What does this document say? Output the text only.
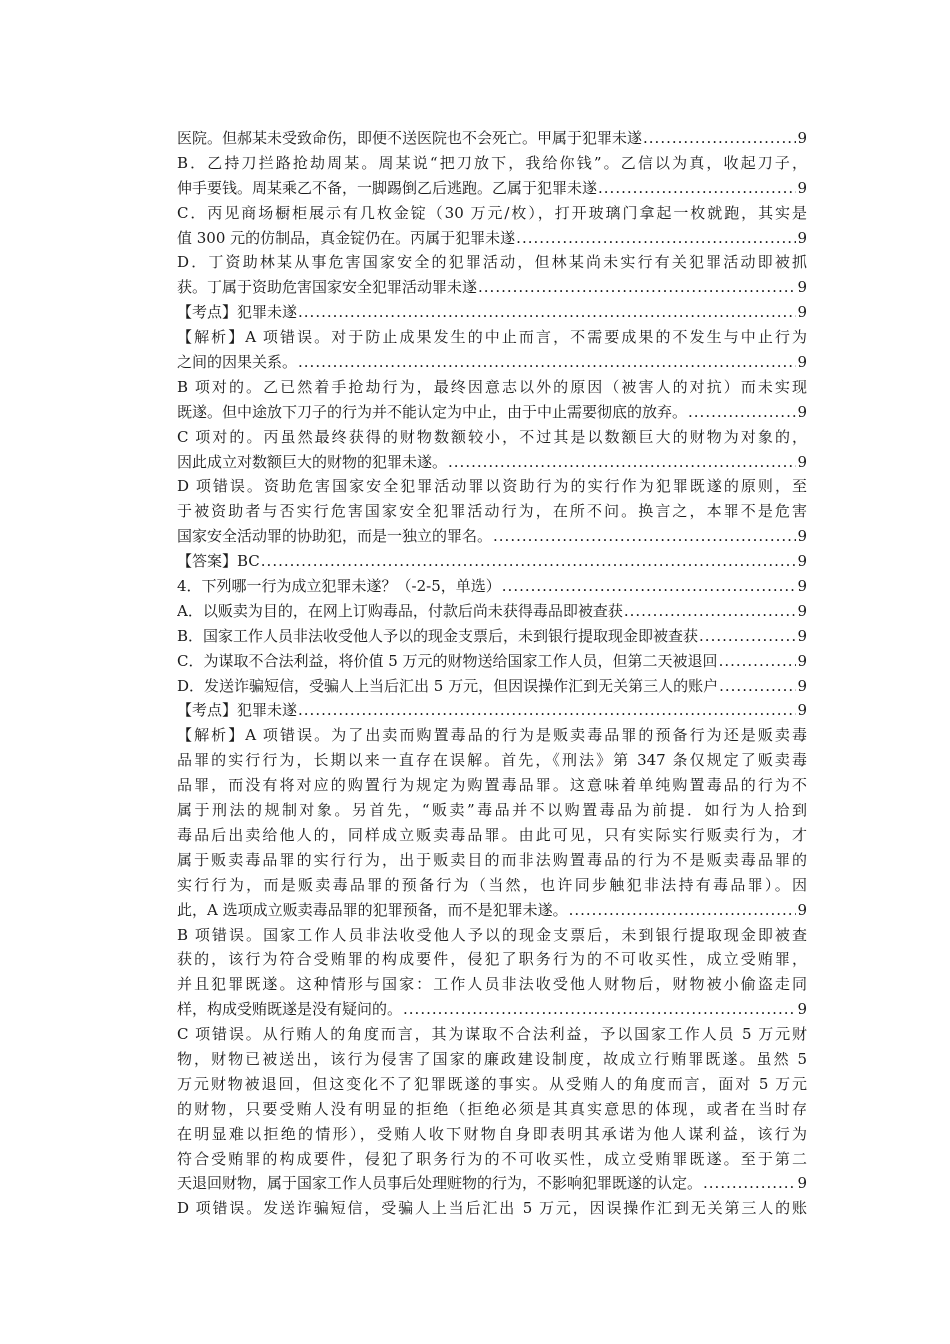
医院。但郝某未受致命伤，即便不送医院也不会死亡。甲属于犯罪未遂 .....	9
B．乙持刀拦路抢劫周某。周某说“把刀放下，我给你钱”。乙信以为真，收起刀子，
伸手要钱。周某乘乙不备，一脚踢倒乙后逃跑。乙属于犯罪未遂 .....	9
C．丙见商场橱柜展示有几枚金锭（30 万元/枚），打开玻璃门拿起一枚就跑，其实是
值 300 元的仿制品，真金锭仍在。丙属于犯罪未遂 .....	9
D．丁资助林某从事危害国家安全的犯罪活动，但林某尚未实行有关犯罪活动即被抓
获。丁属于资助危害国家安全犯罪活动罪未遂 .....	9
【考点】犯罪未遂 .....	9
【解析】A 项错误。对于防止成果发生的中止而言，不需要成果的不发生与中止行为
之间的因果关系。 .....	9
B 项对的。乙已然着手抢劫行为，最终因意志以外的原因（被害人的对抗）而未实现
既遂。但中途放下刀子的行为并不能认定为中止，由于中止需要彻底的放弃。 .....	9
C 项对的。丙虽然最终获得的财物数额较小，不过其是以数额巨大的财物为对象的，
因此成立对数额巨大的财物的犯罪未遂。 .....	9
D 项错误。资助危害国家安全犯罪活动罪以资助行为的实行作为犯罪既遂的原则，至
于被资助者与否实行危害国家安全犯罪活动行为，在所不问。换言之，本罪不是危害
国家安全活动罪的协助犯，而是一独立的罪名。 .....	9
【答案】BC .....	9
4．下列哪一行为成立犯罪未遂？（-2-5，单选） .....	9
A．以贩卖为目的，在网上订购毒品，付款后尚未获得毒品即被查获 .....	9
B．国家工作人员非法收受他人予以的现金支票后，未到银行提取现金即被查获 .....	9
C．为谋取不合法利益，将价值 5 万元的财物送给国家工作人员，但第二天被退回 .....	9
D．发送诈骗短信，受骗人上当后汇出 5 万元，但因误操作汇到无关第三人的账户 .....	9
【考点】犯罪未遂 .....	9
【解析】A 项错误。为了出卖而购置毒品的行为是贩卖毒品罪的预备行为还是贩卖毒
品罪的实行行为，长期以来一直存在误解。首先，《刑法》第 347 条仅规定了贩卖毒
品罪，而没有将对应的购置行为规定为购置毒品罪。这意味着单纯购置毒品的行为不
属于刑法的规制对象。另首先，“贩卖”毒品并不以购置毒品为前提．如行为人拾到
毒品后出卖给他人的，同样成立贩卖毒品罪。由此可见，只有实际实行贩卖行为，才
属于贩卖毒品罪的实行行为，出于贩卖目的而非法购置毒品的行为不是贩卖毒品罪的
实行行为，而是贩卖毒品罪的预备行为（当然，也许同步触犯非法持有毒品罪）。因
此，A 选项成立贩卖毒品罪的犯罪预备，而不是犯罪未遂。 .....	9
B 项错误。国家工作人员非法收受他人予以的现金支票后，未到银行提取现金即被查
获的，该行为符合受贿罪的构成要件，侵犯了职务行为的不可收买性，成立受贿罪，
并且犯罪既遂。这种情形与国家：工作人员非法收受他人财物后，财物被小偷盗走同
样，构成受贿既遂是没有疑问的。 .....	9
C 项错误。从行贿人的角度而言，其为谋取不合法利益，予以国家工作人员 5 万元财
物，财物已被送出，该行为侵害了国家的廉政建设制度，故成立行贿罪既遂。虽然 5
万元财物被退回，但这变化不了犯罪既遂的事实。从受贿人的角度而言，面对 5 万元
的财物，只要受贿人没有明显的拒绝（拒绝必须是其真实意思的体现，或者在当时存
在明显难以拒绝的情形），受贿人收下财物自身即表明其承诺为他人谋利益，该行为
符合受贿罪的构成要件，侵犯了职务行为的不可收买性，成立受贿罪既遂。至于第二
天退回财物，属于国家工作人员事后处理赃物的行为，不影响犯罪既遂的认定。 .....	9
D 项错误。发送诈骗短信，受骗人上当后汇出 5 万元，因误操作汇到无关第三人的账
